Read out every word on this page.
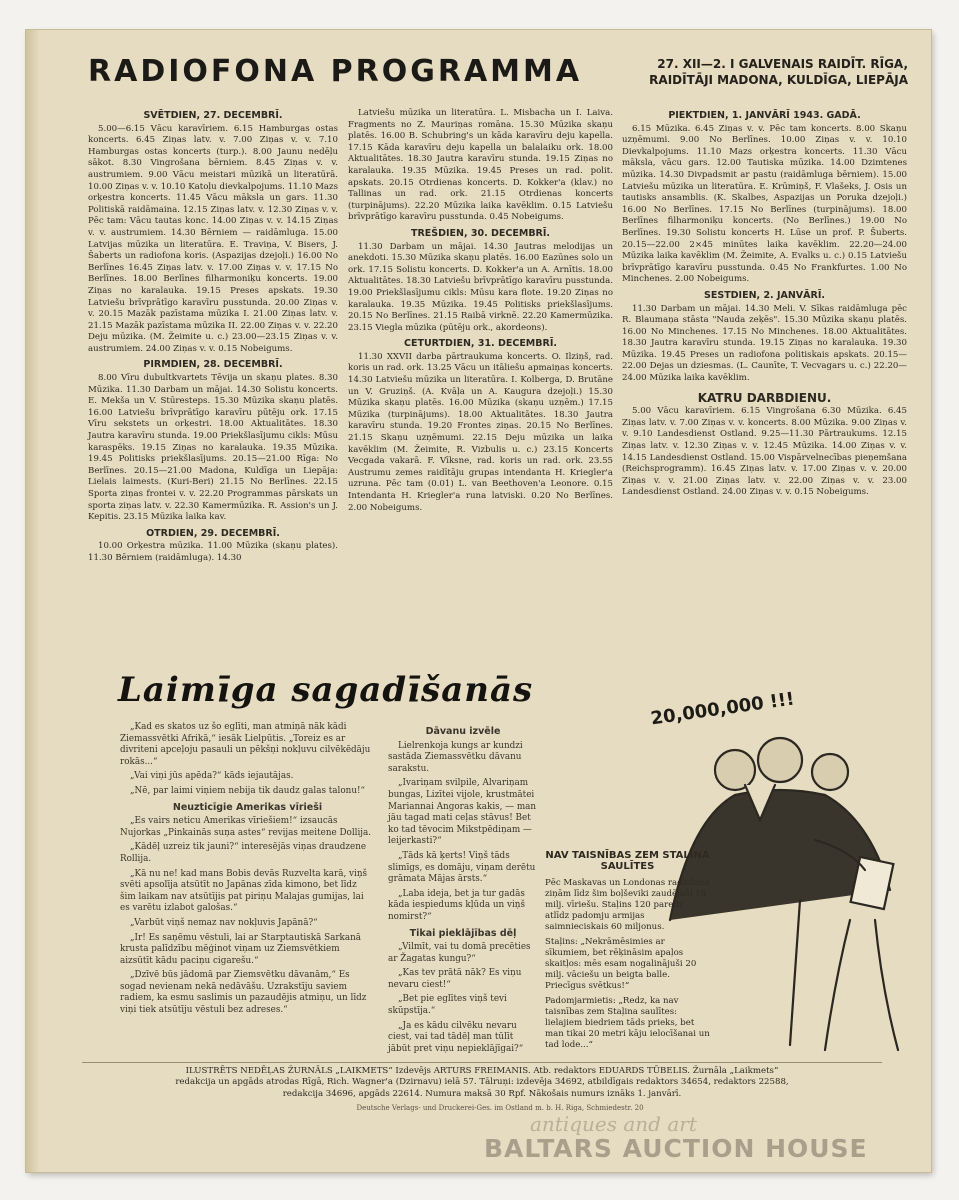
RADIOFONA PROGRAMMA	27. XII—2. I GALVENAIS RAIDĪT. RĪGA,
RAIDĪTĀJI MADONA, KULDĪGA, LIEPĀJA
SVĒTDIEN, 27. DECEMBRĪ.

5.00—6.15 Vācu karavīriem. 6.15 Hamburgas ostas koncerts. 6.45 Ziņas latv. v. 7.00 Ziņas v. v. 7.10 Hamburgas ostas koncerts (turp.). 8.00 Jaunu nedēļu sākot. 8.30 Vingrošana bērniem. 8.45 Ziņas v. v. austrumiem. 9.00 Vācu meistari mūzikā un literatūrā. 10.00 Ziņas v. v. 10.10 Katoļu dievkalpojums. 11.10 Mazs orķestra koncerts. 11.45 Vācu māksla un gars. 11.30 Politiskā raidāmaina. 12.15 Ziņas latv. v. 12.30 Ziņas v. v. Pēc tam: Vācu tautas konc. 14.00 Ziņas v. v. 14.15 Ziņas v. v. austrumiem. 14.30 Bērniem — raidāmluga. 15.00 Latvijas mūzika un literatūra. E. Traviņa, V. Bisers, J. Šaberts un radiofona koris. (Aspazijas dzejoļi.) 16.00 No Berlīnes 16.45 Ziņas latv. v. 17.00 Ziņas v. v. 17.15 No Berlīnes. 18.00 Berlīnes filharmoniķu koncerts. 19.00 Ziņas no karalauka. 19.15 Preses apskats. 19.30 Latviešu brīvprātīgo karavīru pusstunda. 20.00 Ziņas v. v. 20.15 Mazāk pazīstama mūzika I. 21.00 Ziņas latv. v. 21.15 Mazāk pazīstama mūzika II. 22.00 Ziņas v. v. 22.20 Deju mūzika. (M. Žeimite u. c.) 23.00—23.15 Ziņas v. v. austrumiem. 24.00 Ziņas v. v. 0.15 Nobeigums.

PIRMDIEN, 28. DECEMBRĪ.

8.00 Vīru dubultkvartets Tēvija un skaņu plates. 8.30 Mūzika. 11.30 Darbam un mājai. 14.30 Solistu koncerts. E. Mekša un V. Stūresteps. 15.30 Mūzika skaņu platēs. 16.00 Latviešu brīvprātīgo karavīru pūtēju ork. 17.15 Vīru sekstets un orķestri. 18.00 Aktualitātes. 18.30 Jautra karavīru stunda. 19.00 Priekšlasījumu cikls: Mūsu karaspēks. 19.15 Ziņas no karalauka. 19.35 Mūzika. 19.45 Politisks priekšlasījums. 20.15—21.00 Rīga: No Berlīnes. 20.15—21.00 Madona, Kuldīga un Liepāja: Lielais laimests. (Kuri-Beri) 21.15 No Berlīnes. 22.15 Sporta ziņas frontei v. v. 22.20 Programmas pārskats un sporta ziņas latv. v. 22.30 Kamermūzika. R. Assion's un J. Kepitis. 23.15 Mūzika laika kav.

OTRDIEN, 29. DECEMBRĪ.

10.00 Orķestra mūzika. 11.00 Mūzika (skaņu plates). 11.30 Bērniem (raidāmluga). 14.30

Latviešu mūzika un literatūra. L. Misbacha un I. Laiva. Fragments no Z. Mauriņas romāna. 15.30 Mūzika skaņu platēs. 16.00 B. Schubring's un kāda karavīru deju kapella. 17.15 Kāda karavīru deju kapella un balalaiku ork. 18.00 Aktualitātes. 18.30 Jautra karavīru stunda. 19.15 Ziņas no karalauka. 19.35 Mūzika. 19.45 Preses un rad. polit. apskats. 20.15 Otrdienas koncerts. D. Kokker'a (klav.) no Tallinas un rad. ork. 21.15 Otrdienas koncerts (turpinājums). 22.20 Mūzika laika kavēklim. 0.15 Latviešu brīvprātīgo karavīru pusstunda. 0.45 Nobeigums.

TREŠDIEN, 30. DECEMBRĪ.

11.30 Darbam un mājai. 14.30 Jautras melodijas un anekdoti. 15.30 Mūzika skaņu platēs. 16.00 Eazūnes solo un ork. 17.15 Solistu koncerts. D. Kokker'a un A. Arnītis. 18.00 Aktualitātes. 18.30 Latviešu brīvprātīgo karavīru pusstunda. 19.00 Priekšlasījumu cikls: Mūsu kara flote. 19.20 Ziņas no karalauka. 19.35 Mūzika. 19.45 Politisks priekšlasījums. 20.15 No Berlīnes. 21.15 Raibā virknē. 22.20 Kamermūzika. 23.15 Viegla mūzika (pūtēju ork., akordeons).

CETURTDIEN, 31. DECEMBRĪ.

11.30 XXVII darba pārtraukuma koncerts. O. Ilziņš, rad. koris un rad. ork. 13.25 Vācu un itāliešu apmaiņas koncerts. 14.30 Latviešu mūzika un literatūra. I. Kolberga, D. Brutāne un V. Gruziņš. (A. Kvāļa un A. Kaugura dzejoļi.) 15.30 Mūzika skaņu platēs. 16.00 Mūzika (skaņu uzņēm.) 17.15 Mūzika (turpinājums). 18.00 Aktualitātes. 18.30 Jautra karavīru stunda. 19.20 Frontes ziņas. 20.15 No Berlīnes. 21.15 Skaņu uzņēmumi. 22.15 Deju mūzika un laika kavēklim (M. Žeimite, R. Vizbulis u. c.) 23.15 Koncerts Vecgada vakarā. F. Vīksne, rad. koris un rad. ork. 23.55 Austrumu zemes raidītāju grupas intendanta H. Kriegler'a uzruna. Pēc tam (0.01) L. van Beethoven'a Leonore. 0.15 Intendanta H. Kriegler'a runa latviski. 0.20 No Berlīnes. 2.00 Nobeigums.

PIEKTDIEN, 1. JANVĀRĪ 1943. GADĀ.

6.15 Mūzika. 6.45 Ziņas v. v. Pēc tam koncerts. 8.00 Skaņu uzņēmumi. 9.00 No Berlīnes. 10.00 Ziņas v. v. 10.10 Dievkalpojums. 11.10 Mazs orķestra koncerts. 11.30 Vācu māksla, vācu gars. 12.00 Tautiska mūzika. 14.00 Dzimtenes mūzika. 14.30 Divpadsmit ar pastu (raidāmluga bērniem). 15.00 Latviešu mūzika un literatūra. E. Krūmiņš, F. Vlašeks, J. Osis un tautisks ansamblis. (K. Skalbes, Aspazijas un Poruka dzejoļi.) 16.00 No Berlīnes. 17.15 No Berlīnes (turpinājums). 18.00 Berlīnes filharmoniķu koncerts. (No Berlīnes.) 19.00 No Berlīnes. 19.30 Solistu koncerts H. Lūse un prof. P. Šuberts. 20.15—22.00 2×45 minūtes laika kavēklim. 22.20—24.00 Mūzika laika kavēklim (M. Žeimite, A. Evalks u. c.) 0.15 Latviešu brīvprātīgo karavīru pusstunda. 0.45 No Frankfurtes. 1.00 No Minchenes. 2.00 Nobeigums.

SESTDIEN, 2. JANVĀRĪ.

11.30 Darbam un mājai. 14.30 Meli. V. Sīkas raidāmluga pēc R. Blaumaņa stāsta "Nauda zeķēs". 15.30 Mūzika skaņu platēs. 16.00 No Minchenes. 17.15 No Minchenes. 18.00 Aktualitātes. 18.30 Jautra karavīru stunda. 19.15 Ziņas no karalauka. 19.30 Mūzika. 19.45 Preses un radiofona politiskais apskats. 20.15—22.00 Dejas un dziesmas. (L. Caunīte, T. Vecvagars u. c.) 22.20—24.00 Mūzika laika kavēklim.

KATRU DARBDIENU.

5.00 Vācu karavīriem. 6.15 Vingrošana 6.30 Mūzika. 6.45 Ziņas latv. v. 7.00 Ziņas v. v. koncerts. 8.00 Mūzika. 9.00 Ziņas v. v. 9.10 Landesdienst Ostland. 9.25—11.30 Pārtraukums. 12.15 Ziņas latv. v. 12.30 Ziņas v. v. 12.45 Mūzika. 14.00 Ziņas v. v. 14.15 Landesdienst Ostland. 15.00 Vispārvelnecības pieņemšana (Reichsprogramm). 16.45 Ziņas latv. v. 17.00 Ziņas v. v. 20.00 Ziņas v. v. 21.00 Ziņas latv. v. 22.00 Ziņas v. v. 23.00 Landesdienst Ostland. 24.00 Ziņas v. v. 0.15 Nobeigums.

Laimīga sagadīšanās

„Kad es skatos uz šo eglīti, man atmiņā nāk kādi Ziemassvētki Afrikā,“ iesāk Lielpūtis. „Toreiz es ar divriteni apceļoju pasauli un pēkšņi nokļuvu cilvēkēdāju rokās...“

„Vai viņi jūs apēda?“ kāds iejautājas.

„Nē, par laimi viņiem nebija tik daudz galas talonu!“

Neuzticīgie Amerikas vīrieši

„Es vairs neticu Amerikas vīriešiem!“ izsaucās Nujorkas „Pinkainās suņa astes“ revijas meitene Dollija.

„Kādēļ uzreiz tik jauni?“ interesējās viņas draudzene Rollija.

„Kā nu ne! kad mans Bobis devās Ruzvelta karā, viņš svēti apsolīja atsūtīt no Japānas zīda kimono, bet līdz šim laikam nav atsūtījis pat piriņu Malajas gumijas, lai es varētu izlabot galošas.“

„Varbūt viņš nemaz nav nokļuvis Japānā?“

„Ir! Es saņēmu vēstuli, lai ar Starptautiskā Sarkanā krusta palīdzību mēģinot viņam uz Ziemsvētkiem aizsūtīt kādu paciņu cigarešu.“

„Dzīvē būs jādomā par Ziemsvētku dāvanām,“ Es sogad nevienam nekā nedāvāšu. Uzrakstīju saviem radiem, ka esmu saslimis un pazaudējis atmiņu, un līdz viņi tiek atsūtīju vēstuli bez adreses.“

Dāvanu izvēle

Lielrenkoja kungs ar kundzi sastāda Ziemassvētku dāvanu sarakstu.

„Ivariņam svilpile, Alvariņam bungas, Lizītei vijole, krustmātei Mariannai Angoras kakis, — man jāu tagad mati ceļas stāvus! Bet ko tad tēvocim Mikstpēdiņam — leijerkasti?“

„Tāds kā ķerts! Viņš tāds slimīgs, es domāju, viņam derētu grāmata Mājas ārsts.“

„Laba ideja, bet ja tur gadās kāda iespiedums kļūda un viņš nomirst?“

Tikai pieklājības dēļ

„Vilmīt, vai tu domā precēties ar Žagatas kungu?“

„Kas tev prātā nāk? Es viņu nevaru ciest!“

„Bet pie eglītes viņš tevi skūpstīja.“

„Ja es kādu cilvēku nevaru ciest, vai tad tādēļ man tūlīt jābūt pret viņu nepieklājīgai?“

20,000,000 !!!
NAV TAISNĪBAS ZEM STAĻINA SAULĪTES

Pēc Maskavas un Londonas radiofona ziņām līdz šim boļševiki zaudējuši 18 milj. vīriešu. Staļins 120 paredz atlīdz padomju armijas saimnieciskais 60 miljonus.

Staļins: „Nekrāmēsimies ar sīkumiem, bet rēķināsim apaļos skaitļos: mēs esam nogalinājuši 20 milj. vāciešu un beigta balle. Priecīgus svētkus!“

Padomjarmietis: „Redz, ka nav taisnības zem Staļina saulītes: lielajiem biedriem tāds prieks, bet man tikai 20 metri kāju ielocīšanai un tad lode...“

ILUSTRĒTS NEDĒĻAS ŽURNĀLS „LAIKMETS“ Izdevējs ARTURS FREIMANIS. Atb. redaktors EDUARDS TŪBELIS. Žurnāla „Laikmets“
redakcija un apgāds atrodas Rīgā, Rich. Wagner'a (Dzirnavu) ielā 57. Tālruņi: izdevēja 34692, atbildīgais redaktors 34654, redaktors 22588,
redakcija 34696, apgāds 22614. Numura maksā 30 Rpf. Nākošais numurs iznāks 1. janvārī.
Deutsche Verlags- und Druckerei-Ges. im Ostland m. b. H. Riga, Schmiedestr. 20
antiques and art
BALTARS AUCTION HOUSE
